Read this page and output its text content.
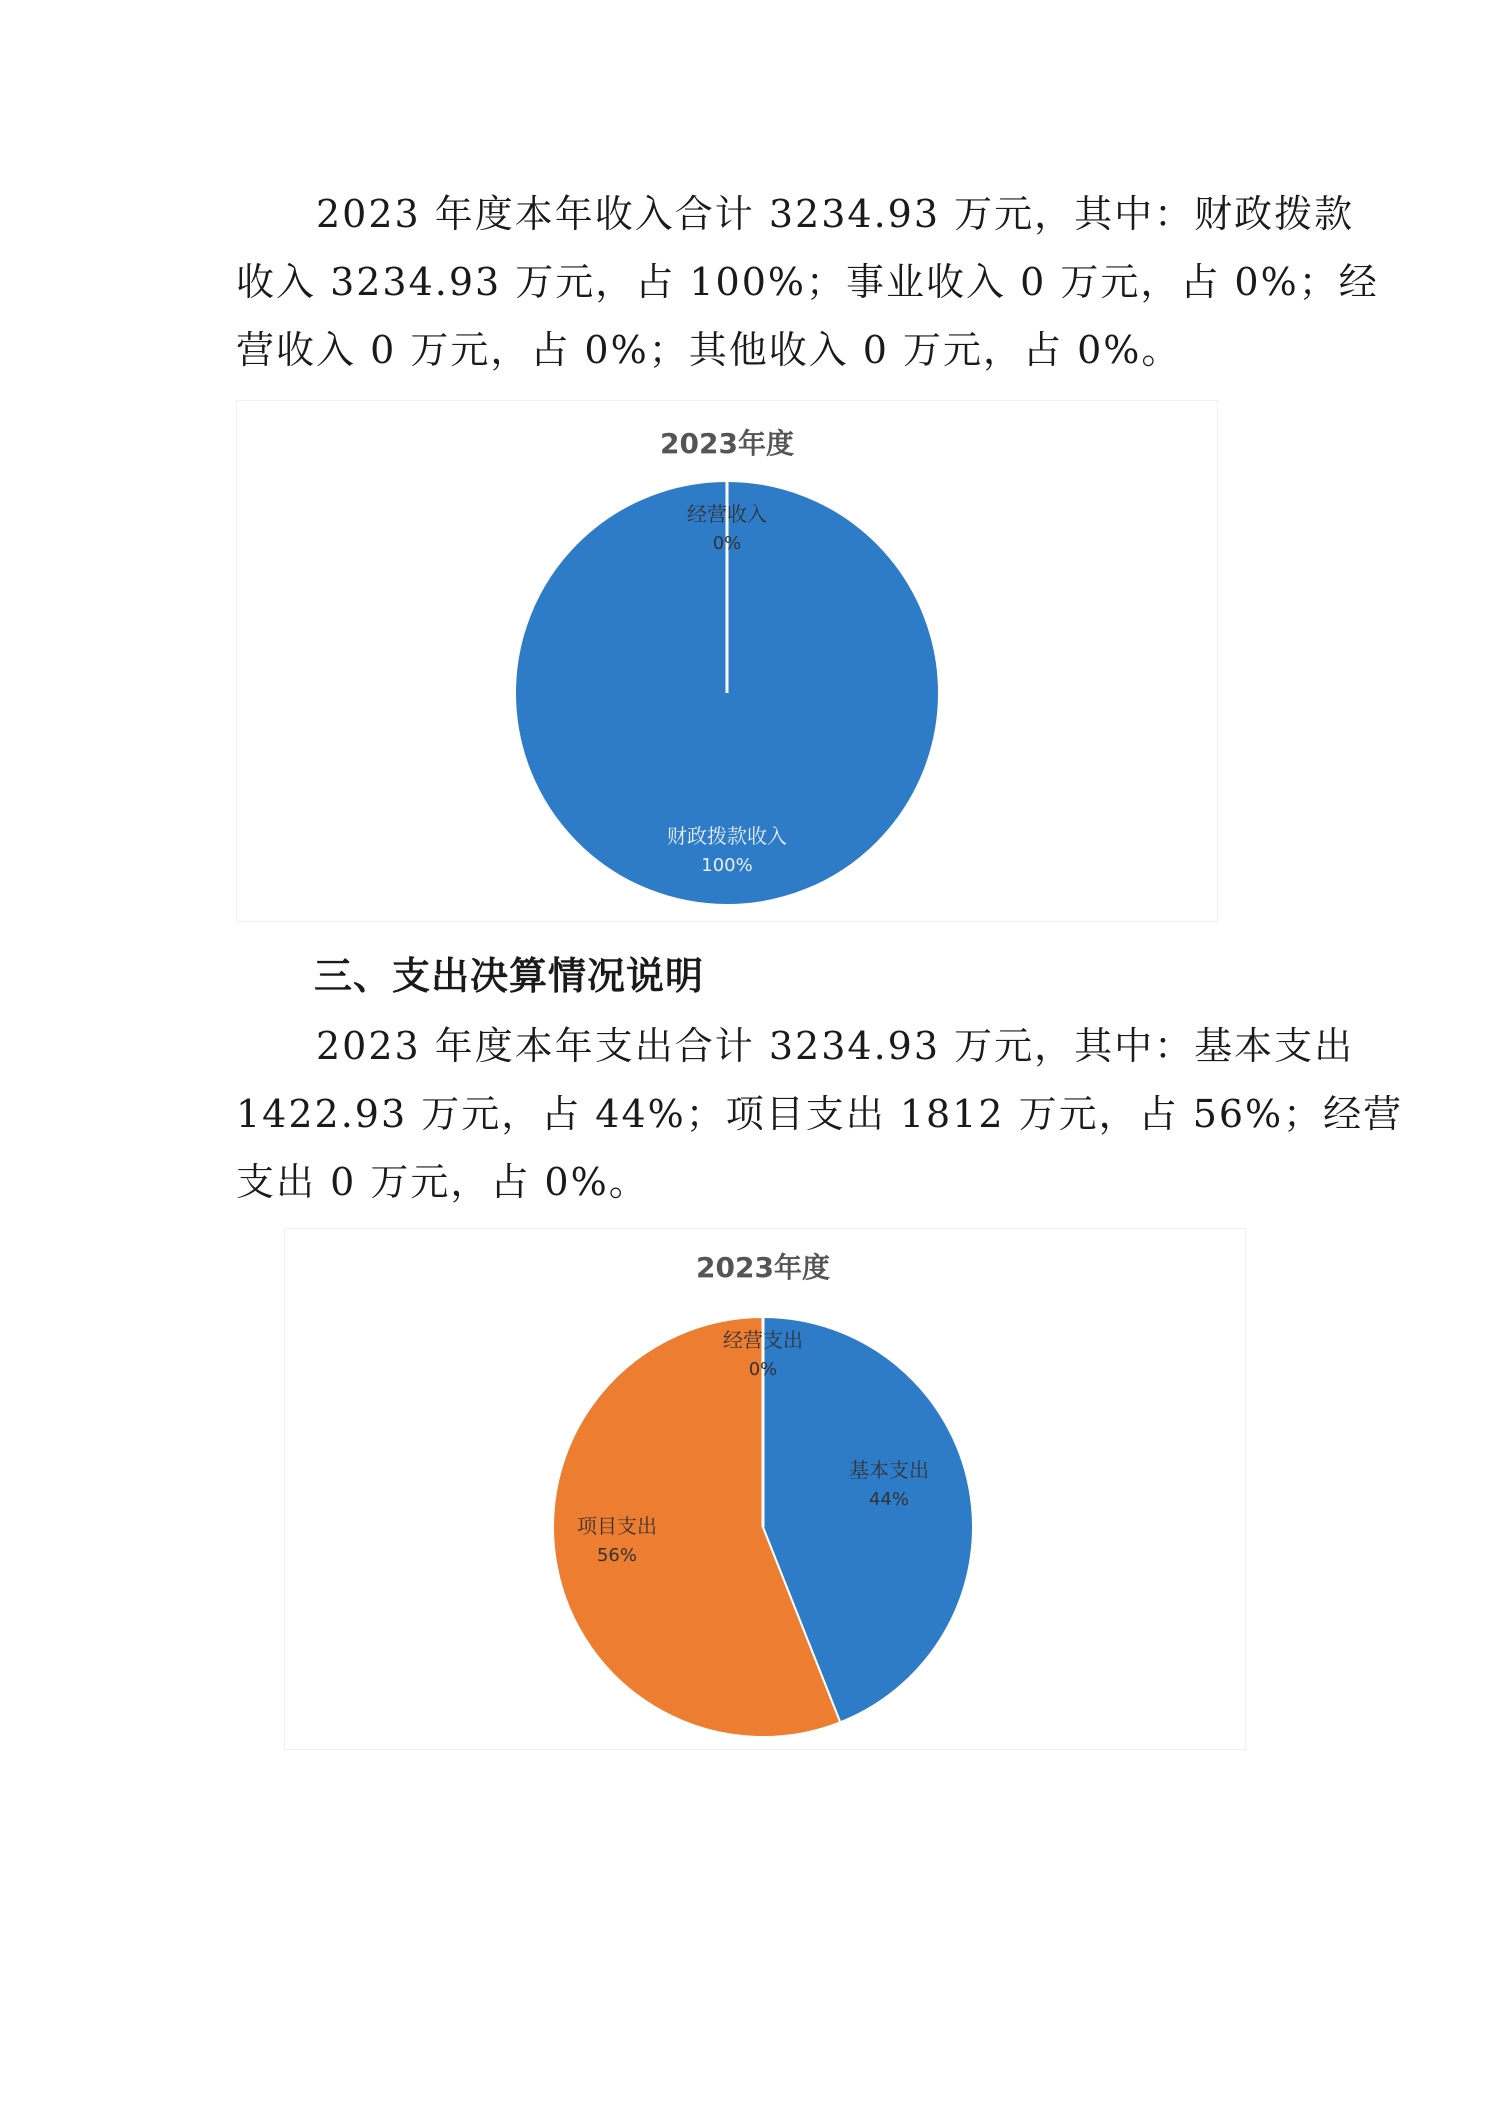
2023 年度本年收入合计 3234.93 万元，其中：财政拨款
收入 3234.93 万元，占 100%；事业收入 0 万元，占 0%；经
营收入 0 万元，占 0%；其他收入 0 万元，占 0%。
2023年度
经营收入
0%
财政拨款收入
100%
三、支出决算情况说明
2023 年度本年支出合计 3234.93 万元，其中：基本支出
1422.93 万元，占 44%；项目支出 1812 万元，占 56%；经营
支出 0 万元，占 0%。
2023年度
经营支出
0%
基本支出
44%
项目支出
56%
